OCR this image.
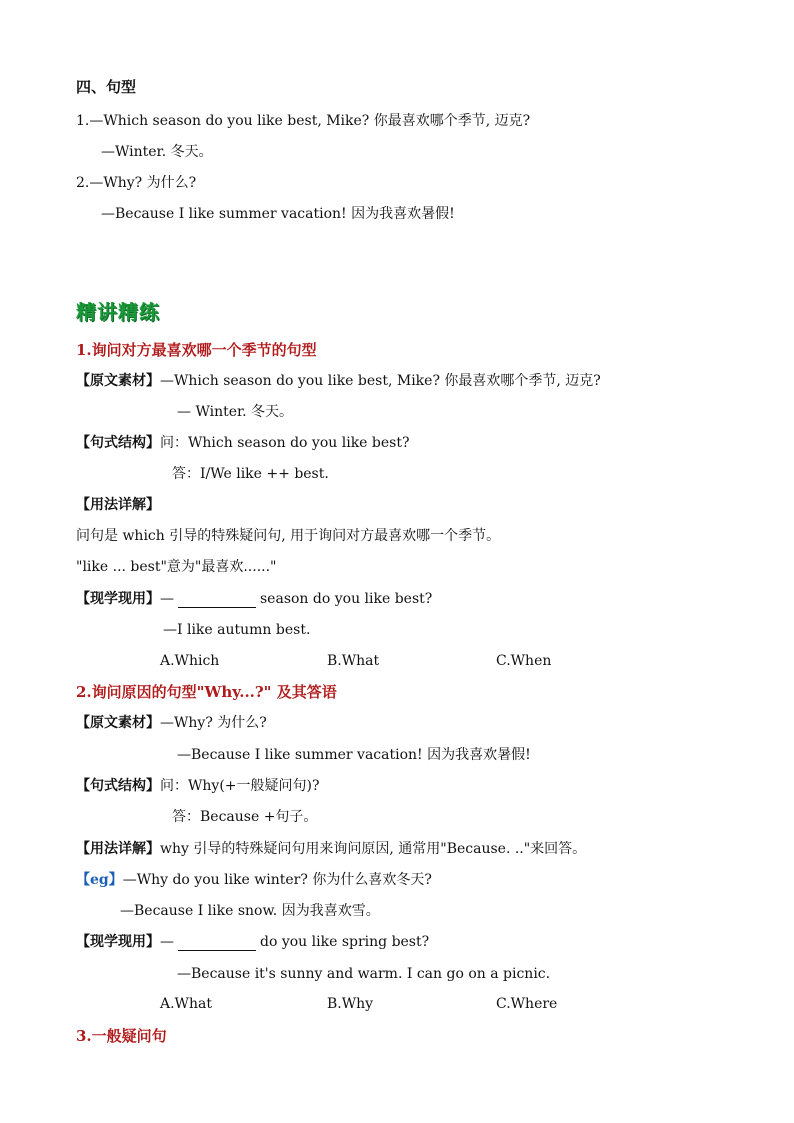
四、句型
1.—Which season do you like best, Mike? 你最喜欢哪个季节, 迈克?
—Winter. 冬天。
2.—Why? 为什么?
—Because I like summer vacation! 因为我喜欢暑假!
精讲精练
1.询问对方最喜欢哪一个季节的句型
【原文素材】—Which season do you like best, Mike? 你最喜欢哪个季节, 迈克?
— Winter. 冬天。
【句式结构】问：Which season do you like best?
答：I/We like ++ best.
【用法详解】
问句是 which 引导的特殊疑问句, 用于询问对方最喜欢哪一个季节。
"like ... best"意为"最喜欢......"
【现学现用】—	season do you like best?
—I like autumn best.
A.Which	B.What	C.When
2.询问原因的句型"Why...?" 及其答语
【原文素材】—Why? 为什么?
—Because I like summer vacation! 因为我喜欢暑假!
【句式结构】问：Why(+一般疑问句)?
答：Because +句子。
【用法详解】why 引导的特殊疑问句用来询问原因, 通常用"Because. .."来回答。
【eg】—Why do you like winter? 你为什么喜欢冬天?
—Because I like snow. 因为我喜欢雪。
【现学现用】—	do you like spring best?
—Because it's sunny and warm. I can go on a picnic.
A.What	B.Why	C.Where
3.一般疑问句
